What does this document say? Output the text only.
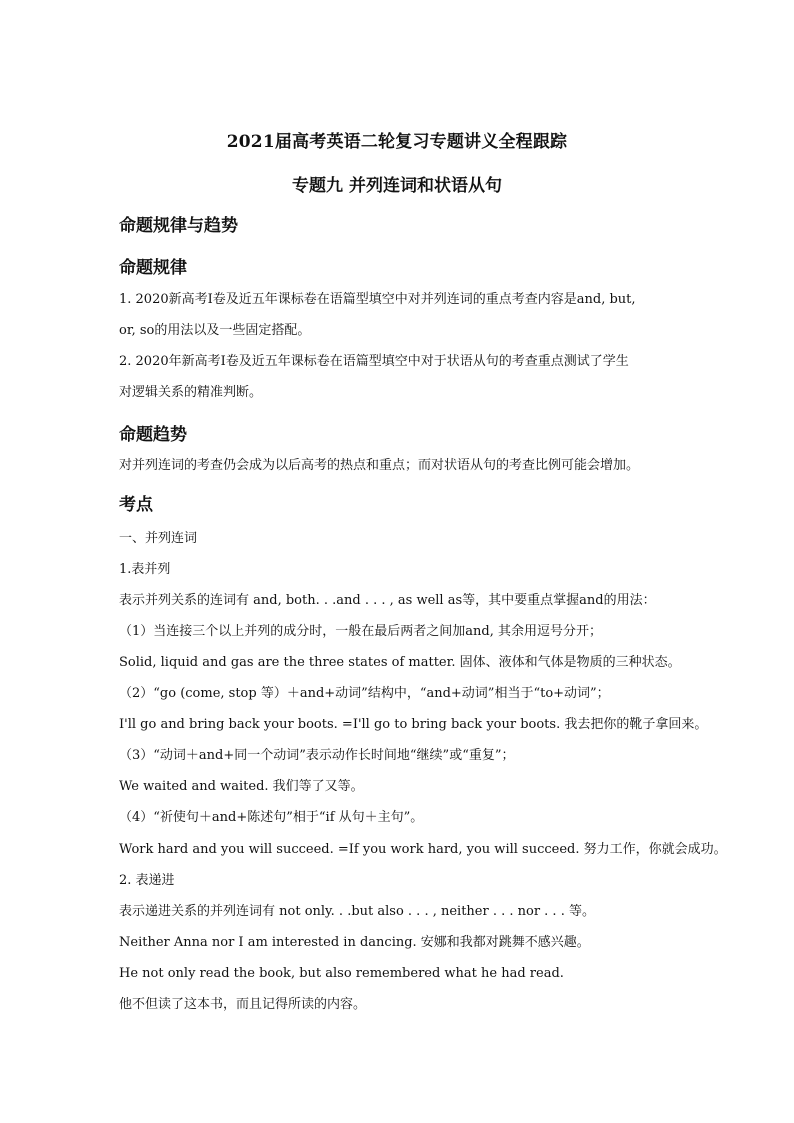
2021届高考英语二轮复习专题讲义全程跟踪
专题九 并列连词和状语从句
命题规律与趋势
命题规律
1. 2020新高考I卷及近五年课标卷在语篇型填空中对并列连词的重点考查内容是and, but,
or, so的用法以及一些固定搭配。
2. 2020年新高考I卷及近五年课标卷在语篇型填空中对于状语从句的考查重点测试了学生
对逻辑关系的精准判断。
命题趋势
对并列连词的考查仍会成为以后高考的热点和重点；而对状语从句的考查比例可能会增加。
考点
一、并列连词
1.表并列
表示并列关系的连词有 and, both. . .and . . . , as well as等，其中要重点掌握and的用法：
（1）当连接三个以上并列的成分时，一般在最后两者之间加and, 其余用逗号分开；
Solid, liquid and gas are the three states of matter. 固体、液体和气体是物质的三种状态。
（2）“go (come, stop 等）＋and+动词”结构中，“and+动词”相当于“to+动词”；
I'll go and bring back your boots. =I'll go to bring back your boots. 我去把你的靴子拿回来。
（3）“动词＋and+同一个动词”表示动作长时间地“继续”或“重复”；
We waited and waited. 我们等了又等。
（4）“祈使句＋and+陈述句”相于“if 从句＋主句”。
Work hard and you will succeed. =If you work hard, you will succeed. 努力工作，你就会成功。
2. 表递进
表示递进关系的并列连词有 not only. . .but also . . . , neither . . . nor . . . 等。
Neither Anna nor I am interested in dancing. 安娜和我都对跳舞不感兴趣。
He not only read the book, but also remembered what he had read.
他不但读了这本书，而且记得所读的内容。
